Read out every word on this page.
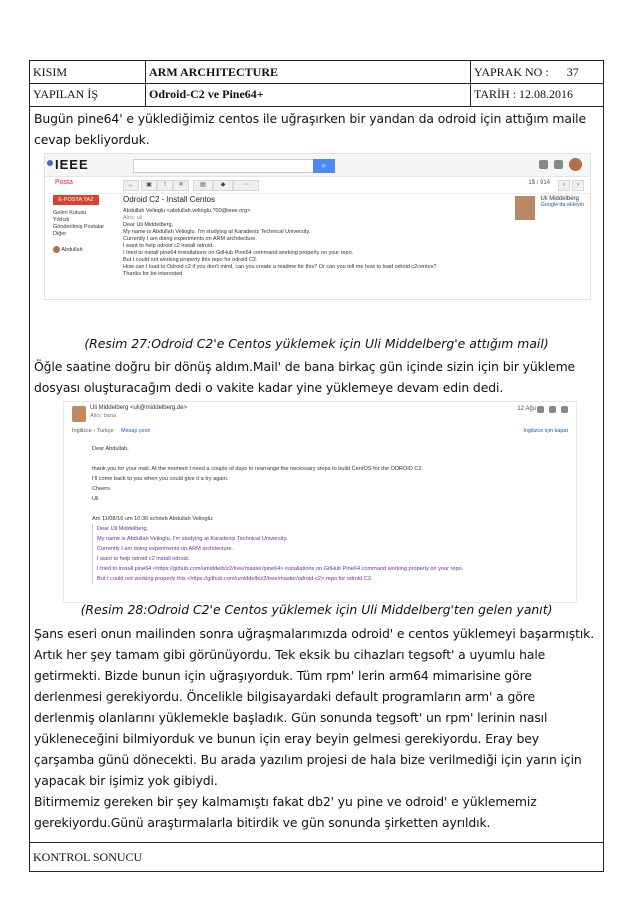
KISIM	ARM ARCHITECTURE	YAPRAK NO : 37
YAPILAN İŞ	Odroid-C2 ve Pine64+	TARİH : 12.08.2016
Bugün pine64' e yüklediğimiz centos ile uğraşırken bir yandan da odroid için attığım maile cevap bekliyorduk.
IEEE	⌕
Posta	←	▣	!	✕	▤	◆	⋯	1$ / 914	‹	›
E-POSTA YAZ
Gelen Kutusu
Yıldızlı
Gönderilmiş Postalar
Diğer
Abdullah
Odroid C2 - Install Centos
Abdullah Velioglu <abdullah.velioglu.?00@ieee.org>
Alıcı: uli
Dear Uli Middelberg,
My name is Abdullah Velioglu. I'm studying at Karadeniz Technical University.
Currently I am doing experiments on ARM architecture.
I want to help odroid c2 install odroid.
I tried to install pine64 installations on GitHub Pine64 command working properly on your repo.
But I could not working properly this repo for odroid C2.
How can I load to Odroid c2 if you don't mind, can you create a readme for this? Or can you tell me how to load odroid c2centos?
Thanks for be interested

Uli Middelberg
Google'da ekleyin
(Resim 27:Odroid C2'e Centos yüklemek için Uli Middelberg'e attığım mail)
Öğle saatine doğru bir dönüş aldım.Mail' de bana birkaç gün içinde sizin için bir yükleme dosyası oluşturacağım dedi o vakite kadar yine yüklemeye devam edin dedi.
Uli Middelberg <uli@middelberg.de>
Alıcı: bana
12 Ağu
İngilizce › Türkçe Mesajı çevir	İngilizce için kapat
Dear Abdullah,
thank you for your mail. At the moment I need a couple of days to rearrange the necessary steps to build CentOS for the ODROID C2.
I'll come back to you when you could give it a try again.
Cheers
Uli
Am 11/08/16 um 10:36 schrieb Abdullah Velioglu:
Dear Uli Middelberg,
My name is Abdullah Velioglu. I'm studying at Karadeniz Technical University.
Currently I am doing experiments on ARM architecture.
I want to help odroid c2 install odroid.
I tried to install pine64 <https://github.com/umiddelb/z2/tree/master/pine64> installations on GitHub Pine64 command working properly on your repo.
But I could not working properly this <https://github.com/umiddelb/z2/tree/master/odroid-c2> repo for odroid C2.
(Resim 28:Odroid C2'e Centos yüklemek için Uli Middelberg'ten gelen yanıt)
Şans eseri onun mailinden sonra uğraşmalarımızda odroid' e centos yüklemeyi başarmıştık. Artık her şey tamam gibi görünüyordu. Tek eksik bu cihazları tegsoft' a uyumlu hale getirmekti. Bizde bunun için uğraşıyorduk. Tüm rpm' lerin arm64 mimarisine göre derlenmesi gerekiyordu. Öncelikle bilgisayardaki default programların arm' a göre derlenmiş olanlarını yüklemekle başladık. Gün sonunda tegsoft' un rpm' lerinin nasıl yükleneceğini bilmiyorduk ve bunun için eray beyin gelmesi gerekiyordu. Eray bey çarşamba günü dönecekti. Bu arada yazılım projesi de hala bize verilmediği için yarın için yapacak bir işimiz yok gibiydi.
Bitirmemiz gereken bir şey kalmamıştı fakat db2' yu pine ve odroid' e yüklememiz gerekiyordu.Günü araştırmalarla bitirdik ve gün sonunda şirketten ayrıldık.
KONTROL SONUCU
